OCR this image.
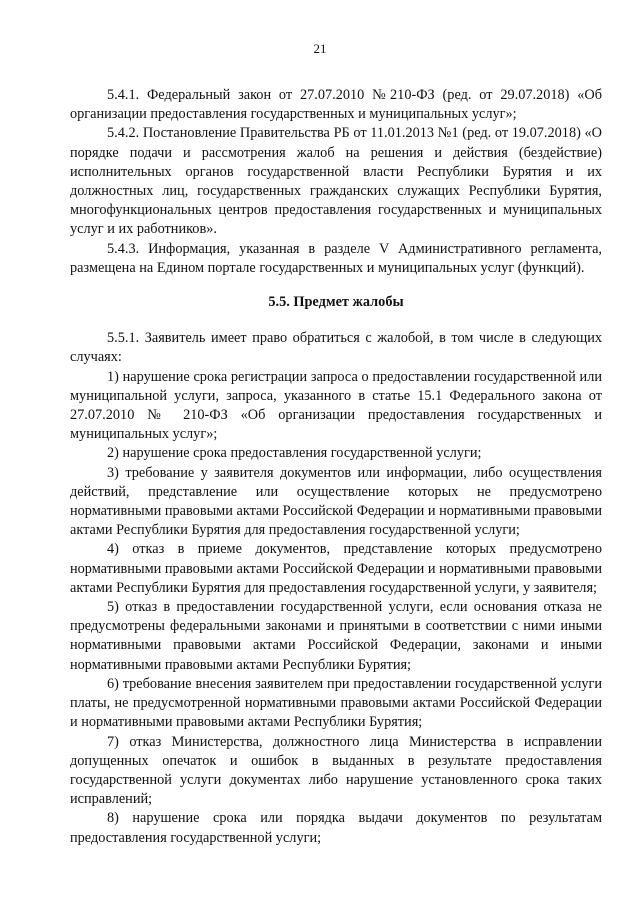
21

5.4.1. Федеральный закон от 27.07.2010 №210-ФЗ (ред. от 29.07.2018) «Об организации предоставления государственных и муниципальных услуг»;

5.4.2. Постановление Правительства РБ от 11.01.2013 №1 (ред. от 19.07.2018) «О порядке подачи и рассмотрения жалоб на решения и действия (бездействие) исполнительных органов государственной власти Республики Бурятия и их должностных лиц, государственных гражданских служащих Республики Бурятия, многофункциональных центров предоставления государственных и муниципальных услуг и их работников».

5.4.3. Информация, указанная в разделе V Административного регламента, размещена на Едином портале государственных и муниципальных услуг (функций).

5.5. Предмет жалобы

5.5.1. Заявитель имеет право обратиться с жалобой, в том числе в следующих случаях:

1) нарушение срока регистрации запроса о предоставлении государственной или муниципальной услуги, запроса, указанного в статье 15.1 Федерального закона от 27.07.2010 № 210-ФЗ «Об организации предоставления государственных и муниципальных услуг»;

2) нарушение срока предоставления государственной услуги;

3) требование у заявителя документов или информации, либо осуществления действий, представление или осуществление которых не предусмотрено нормативными правовыми актами Российской Федерации и нормативными правовыми актами Республики Бурятия для предоставления государственной услуги;

4) отказ в приеме документов, представление которых предусмотрено нормативными правовыми актами Российской Федерации и нормативными правовыми актами Республики Бурятия для предоставления государственной услуги, у заявителя;

5) отказ в предоставлении государственной услуги, если основания отказа не предусмотрены федеральными законами и принятыми в соответствии с ними иными нормативными правовыми актами Российской Федерации, законами и иными нормативными правовыми актами Республики Бурятия;

6) требование внесения заявителем при предоставлении государственной услуги платы, не предусмотренной нормативными правовыми актами Российской Федерации и нормативными правовыми актами Республики Бурятия;

7) отказ Министерства, должностного лица Министерства в исправлении допущенных опечаток и ошибок в выданных в результате предоставления государственной услуги документах либо нарушение установленного срока таких исправлений;

8) нарушение срока или порядка выдачи документов по результатам предоставления государственной услуги;
